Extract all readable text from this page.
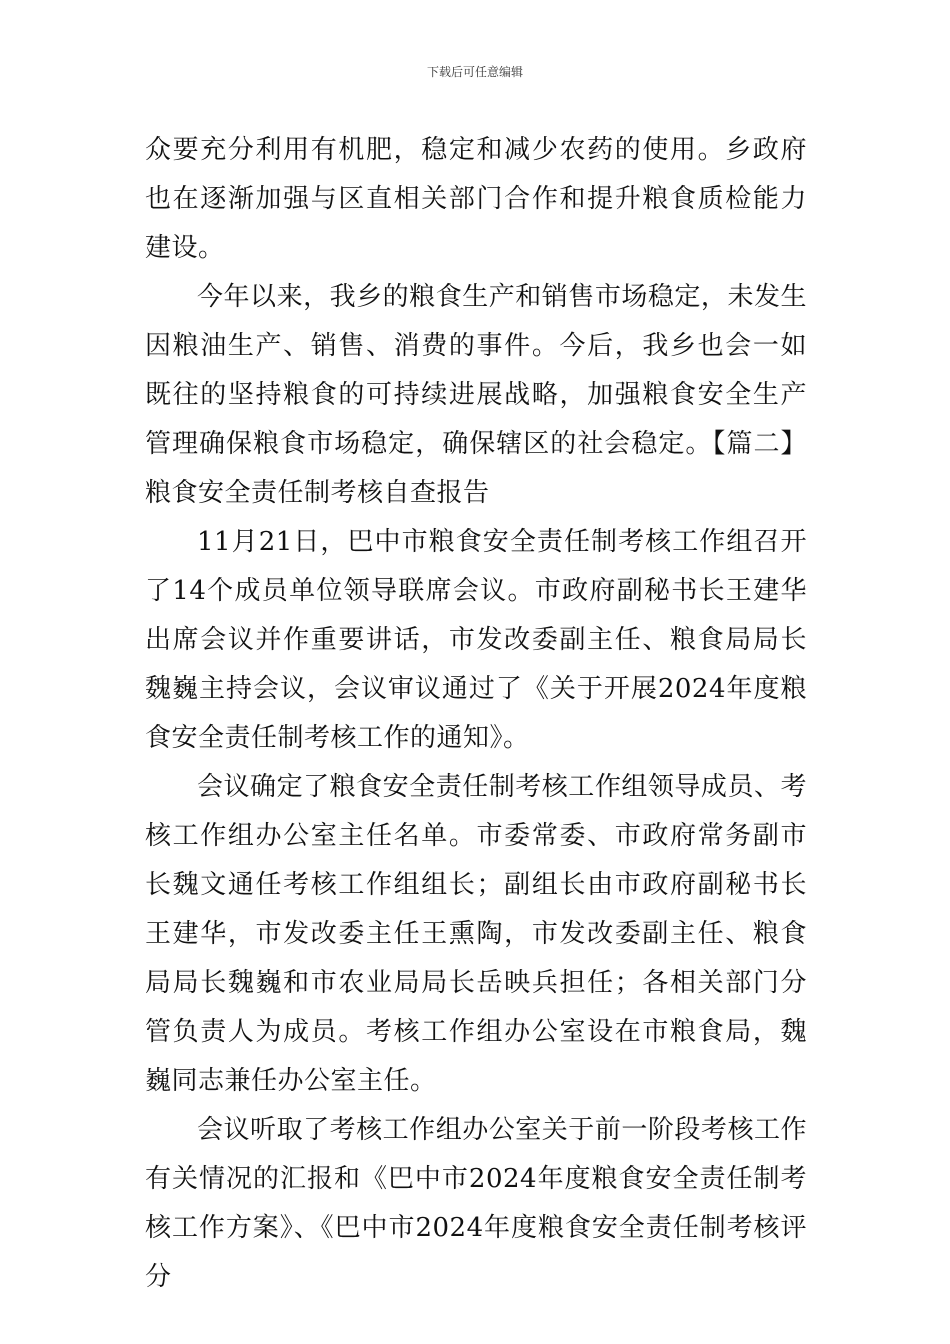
下载后可任意编辑

众要充分利用有机肥，稳定和减少农药的使用。乡政府也在逐渐加强与区直相关部门合作和提升粮食质检能力建设。

今年以来，我乡的粮食生产和销售市场稳定，未发生因粮油生产、销售、消费的事件。今后，我乡也会一如既往的坚持粮食的可持续进展战略，加强粮食安全生产管理确保粮食市场稳定，确保辖区的社会稳定。【篇二】粮食安全责任制考核自查报告

11月21日，巴中市粮食安全责任制考核工作组召开了14个成员单位领导联席会议。市政府副秘书长王建华出席会议并作重要讲话，市发改委副主任、粮食局局长魏巍主持会议，会议审议通过了《关于开展2024年度粮食安全责任制考核工作的通知》。

会议确定了粮食安全责任制考核工作组领导成员、考核工作组办公室主任名单。市委常委、市政府常务副市长魏文通任考核工作组组长；副组长由市政府副秘书长王建华，市发改委主任王熏陶，市发改委副主任、粮食局局长魏巍和市农业局局长岳映兵担任；各相关部门分管负责人为成员。考核工作组办公室设在市粮食局，魏巍同志兼任办公室主任。

会议听取了考核工作组办公室关于前一阶段考核工作有关情况的汇报和《巴中市2024年度粮食安全责任制考核工作方案》、《巴中市2024年度粮食安全责任制考核评分
